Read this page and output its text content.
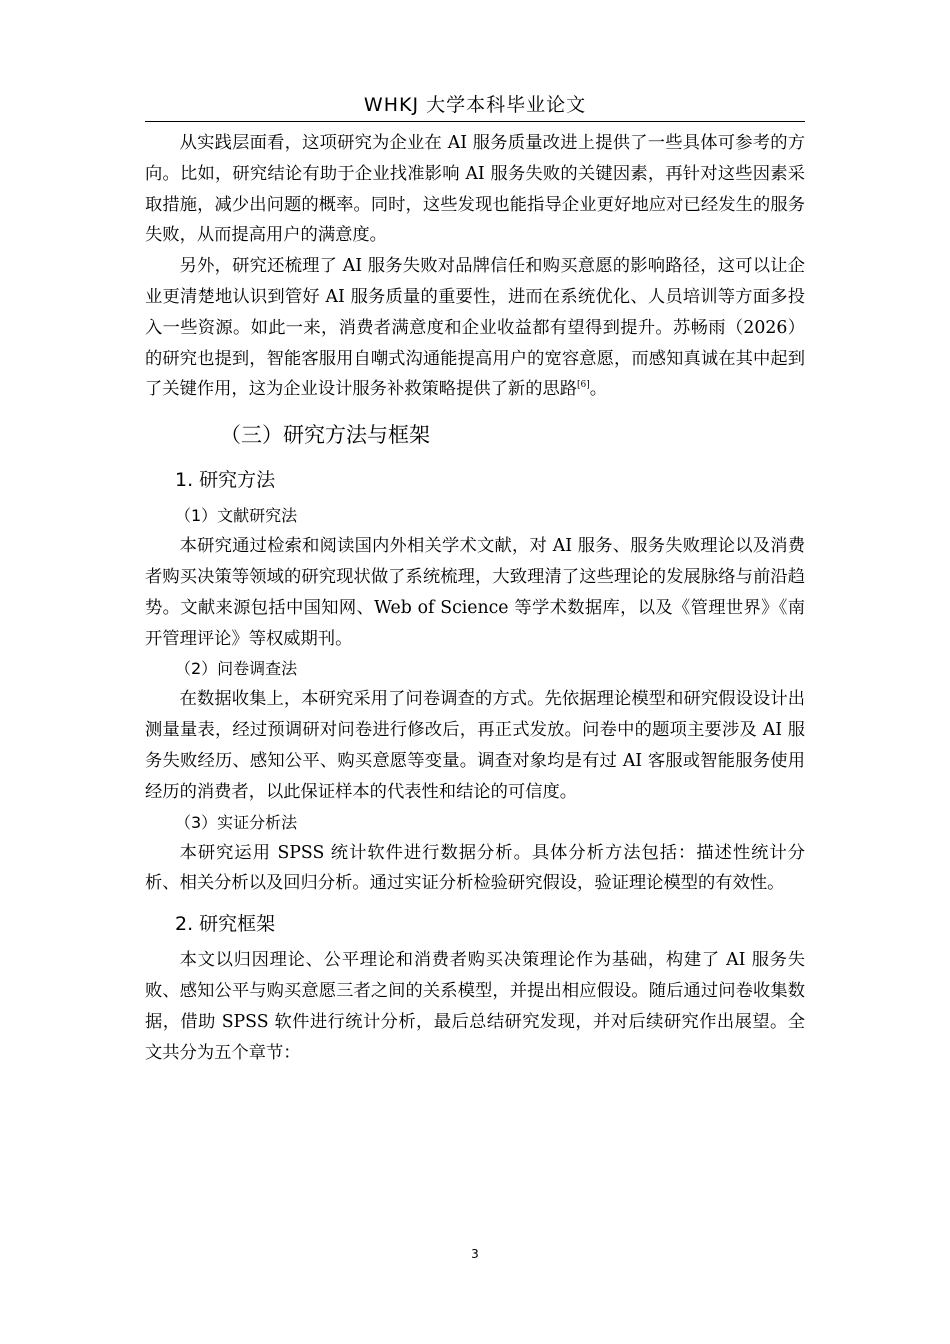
WHKJ 大学本科毕业论文

从实践层面看，这项研究为企业在 AI 服务质量改进上提供了一些具体可参考的方向。比如，研究结论有助于企业找准影响 AI 服务失败的关键因素，再针对这些因素采取措施，减少出问题的概率。同时，这些发现也能指导企业更好地应对已经发生的服务失败，从而提高用户的满意度。

另外，研究还梳理了 AI 服务失败对品牌信任和购买意愿的影响路径，这可以让企业更清楚地认识到管好 AI 服务质量的重要性，进而在系统优化、人员培训等方面多投入一些资源。如此一来，消费者满意度和企业收益都有望得到提升。苏畅雨（2026）的研究也提到，智能客服用自嘲式沟通能提高用户的宽容意愿，而感知真诚在其中起到了关键作用，这为企业设计服务补救策略提供了新的思路[6]。

（三）研究方法与框架
1. 研究方法
（1）文献研究法

本研究通过检索和阅读国内外相关学术文献，对 AI 服务、服务失败理论以及消费者购买决策等领域的研究现状做了系统梳理，大致理清了这些理论的发展脉络与前沿趋势。文献来源包括中国知网、Web of Science 等学术数据库，以及《管理世界》《南开管理评论》等权威期刊。

（2）问卷调查法

在数据收集上，本研究采用了问卷调查的方式。先依据理论模型和研究假设设计出测量量表，经过预调研对问卷进行修改后，再正式发放。问卷中的题项主要涉及 AI 服务失败经历、感知公平、购买意愿等变量。调查对象均是有过 AI 客服或智能服务使用经历的消费者，以此保证样本的代表性和结论的可信度。

（3）实证分析法

本研究运用 SPSS 统计软件进行数据分析。具体分析方法包括：描述性统计分析、相关分析以及回归分析。通过实证分析检验研究假设，验证理论模型的有效性。

2. 研究框架

本文以归因理论、公平理论和消费者购买决策理论作为基础，构建了 AI 服务失败、感知公平与购买意愿三者之间的关系模型，并提出相应假设。随后通过问卷收集数据，借助 SPSS 软件进行统计分析，最后总结研究发现，并对后续研究作出展望。全文共分为五个章节：

3
